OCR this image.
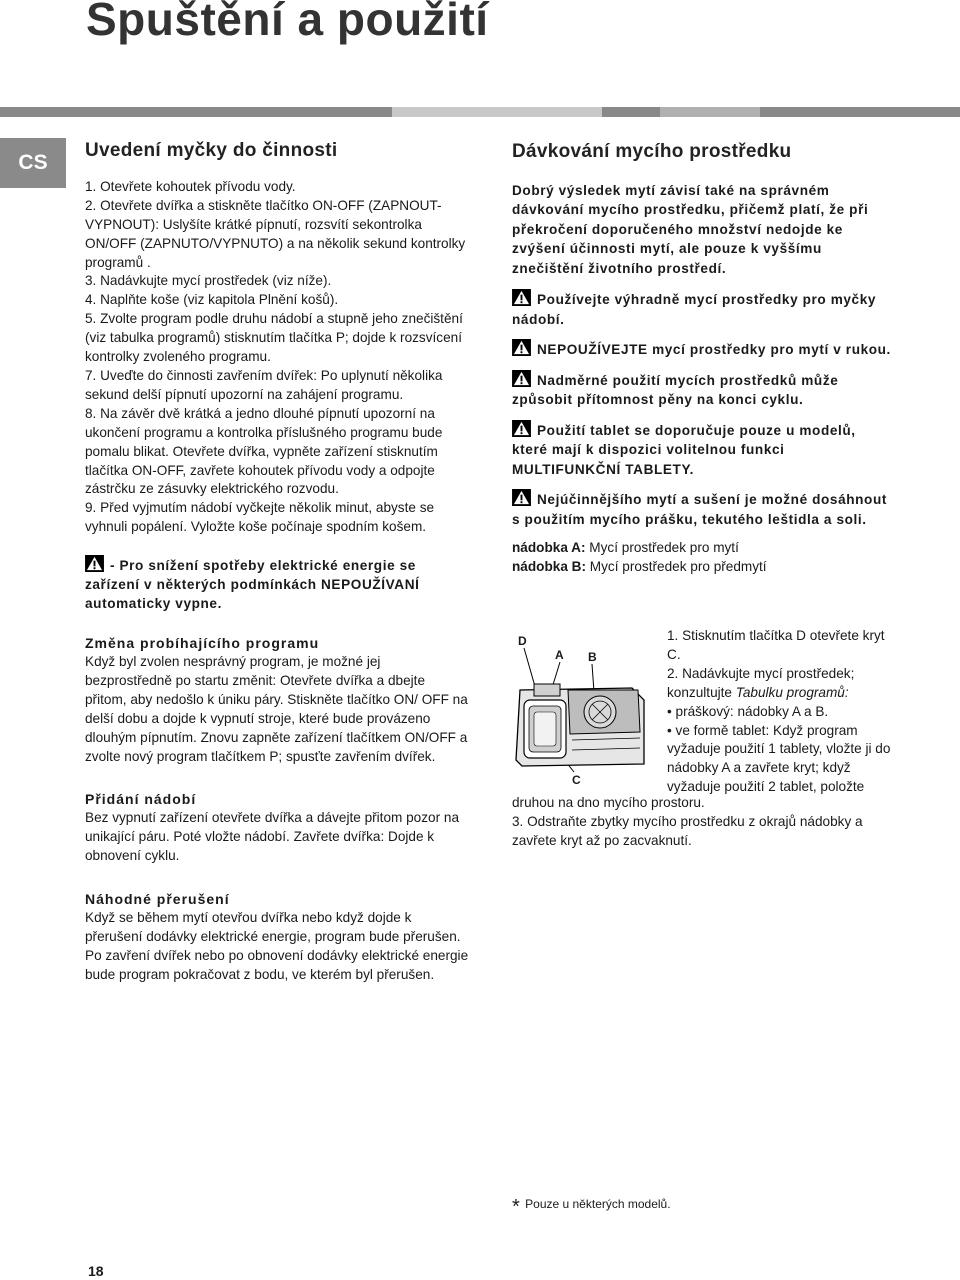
Spuštění a použití
CS
Uvedení myčky do činnosti

1. Otevřete kohoutek přívodu vody.

2. Otevřete dvířka a stiskněte tlačítko ON-OFF (ZAPNOUT-VYPNOUT): Uslyšíte krátké pípnutí, rozsvítí sekontrolka ON/OFF (ZAPNUTO/VYPNUTO) a na několik sekund kontrolky programů .

3. Nadávkujte mycí prostředek (viz níže).

4. Naplňte koše (viz kapitola Plnění košů).

5. Zvolte program podle druhu nádobí a stupně jeho znečištění (viz tabulka programů) stisknutím tlačítka P; dojde k rozsvícení kontrolky zvoleného programu.

7. Uveďte do činnosti zavřením dvířek: Po uplynutí několika sekund delší pípnutí upozorní na zahájení programu.

8. Na závěr dvě krátká a jedno dlouhé pípnutí upozorní na ukončení programu a kontrolka příslušného programu bude pomalu blikat. Otevřete dvířka, vypněte zařízení stisknutím tlačítka ON-OFF, zavřete kohoutek přívodu vody a odpojte zástrčku ze zásuvky elektrického rozvodu.

9. Před vyjmutím nádobí vyčkejte několik minut, abyste se vyhnuli popálení. Vyložte koše počínaje spodním košem.

- Pro snížení spotřeby elektrické energie se zařízení v některých podmínkách NEPOUŽÍVANÍ automaticky vypne.

Změna probíhajícího programu

Když byl zvolen nesprávný program, je možné jej bezprostředně po startu změnit: Otevřete dvířka a dbejte přitom, aby nedošlo k úniku páry. Stiskněte tlačítko ON/ OFF na delší dobu a dojde k vypnutí stroje, které bude provázeno dlouhým pípnutím. Znovu zapněte zařízení tlačítkem ON/OFF a zvolte nový program tlačítkem P; spusťte zavřením dvířek.

Přidání nádobí

Bez vypnutí zařízení otevřete dvířka a dávejte přitom pozor na unikající páru. Poté vložte nádobí. Zavřete dvířka: Dojde k obnovení cyklu.

Náhodné přerušení

Když se během mytí otevřou dvířka nebo když dojde k přerušení dodávky elektrické energie, program bude přerušen. Po zavření dvířek nebo po obnovení dodávky elektrické energie bude program pokračovat z bodu, ve kterém byl přerušen.

Dávkování mycího prostředku

Dobrý výsledek mytí závisí také na správném dávkování mycího prostředku, přičemž platí, že při překročení doporučeného množství nedojde ke zvýšení účinnosti mytí, ale pouze k vyššímu znečištění životního prostředí.

Používejte výhradně mycí prostředky pro myčky nádobí.

NEPOUŽÍVEJTE mycí prostředky pro mytí v rukou.

Nadměrné použití mycích prostředků může způsobit přítomnost pěny na konci cyklu.

Použití tablet se doporučuje pouze u modelů, které mají k dispozici volitelnou funkci MULTIFUNKČNÍ TABLETY.

Nejúčinnějšího mytí a sušení je možné dosáhnout s použitím mycího prášku, tekutého leštidla a soli.

nádobka A: Mycí prostředek pro mytí

nádobka B: Mycí prostředek pro předmytí

1. Stisknutím tlačítka D otevřete kryt C.

2. Nadávkujte mycí prostředek; konzultujte Tabulku programů:

• práškový: nádobky A a B.

• ve formě tablet: Když program vyžaduje použití 1 tablety, vložte ji do nádobky A a zavřete kryt; když vyžaduje použití 2 tablet, položte

druhou na dno mycího prostoru.

3. Odstraňte zbytky mycího prostředku z okrajů nádobky a zavřete kryt až po zacvaknutí.

D
A B
C
* Pouze u některých modelů.
18
